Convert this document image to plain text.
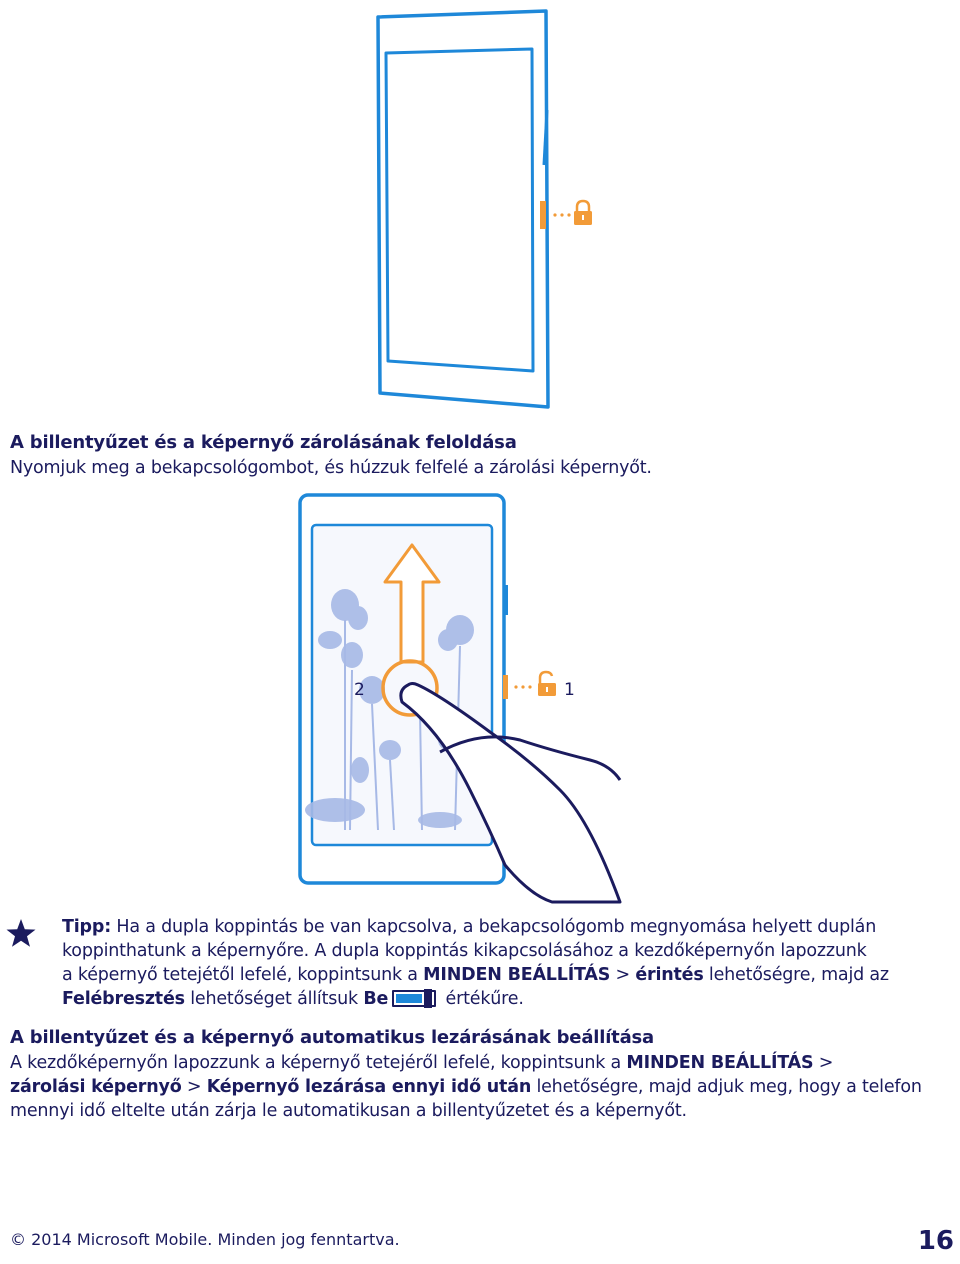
A billentyűzet és a képernyő zárolásának feloldása
Nyomjuk meg a bekapcsológombot, és húzzuk felfelé a zárolási képernyőt.
2	1
Tipp: Ha a dupla koppintás be van kapcsolva, a bekapcsológomb megnyomása helyett duplán
koppinthatunk a képernyőre. A dupla koppintás kikapcsolásához a kezdőképernyőn lapozzunk
a képernyő tetejétől lefelé, koppintsunk a MINDEN BEÁLLÍTÁS > érintés lehetőségre, majd az
Felébresztés lehetőséget állítsuk Be	értékűre.
A billentyűzet és a képernyő automatikus lezárásának beállítása
A kezdőképernyőn lapozzunk a képernyő tetejéről lefelé, koppintsunk a MINDEN BEÁLLÍTÁS >
zárolási képernyő > Képernyő lezárása ennyi idő után lehetőségre, majd adjuk meg, hogy a telefon
mennyi idő eltelte után zárja le automatikusan a billentyűzetet és a képernyőt.
© 2014 Microsoft Mobile. Minden jog fenntartva.	16
